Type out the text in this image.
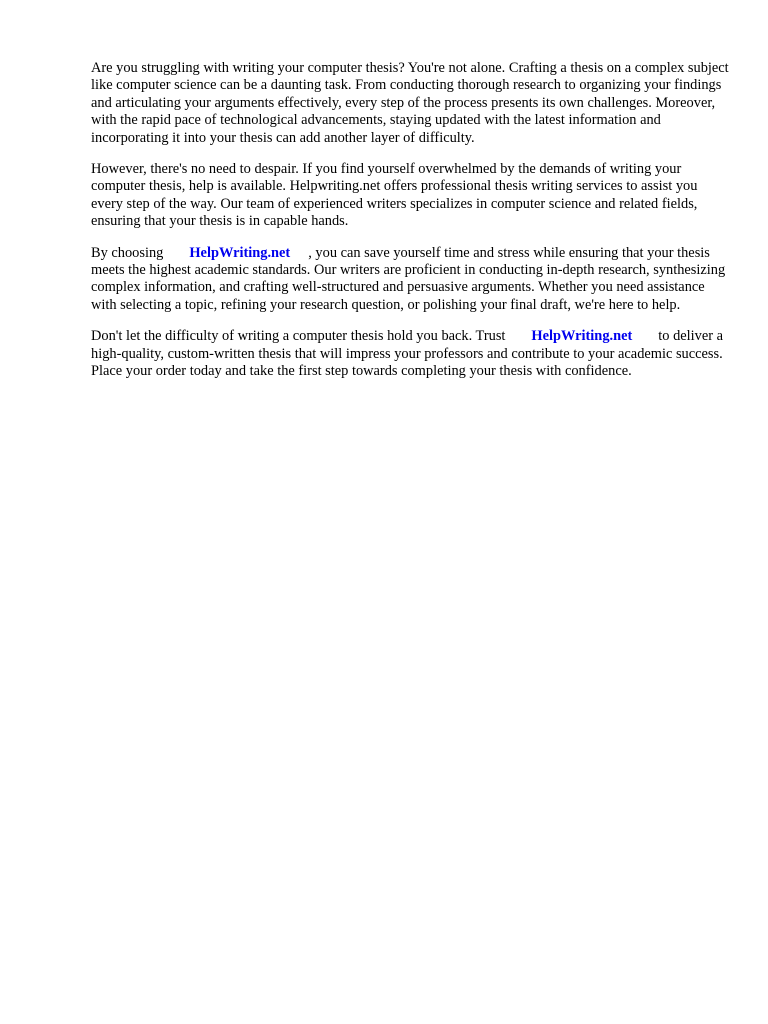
Are you struggling with writing your computer thesis? You're not alone. Crafting a thesis on a complex subject like computer science can be a daunting task. From conducting thorough research to organizing your findings and articulating your arguments effectively, every step of the process presents its own challenges. Moreover, with the rapid pace of technological advancements, staying updated with the latest information and incorporating it into your thesis can add another layer of difficulty.

However, there's no need to despair. If you find yourself overwhelmed by the demands of writing your computer thesis, help is available. Helpwriting.net offers professional thesis writing services to assist you every step of the way. Our team of experienced writers specializes in computer science and related fields, ensuring that your thesis is in capable hands.

By choosing HelpWriting.net , you can save yourself time and stress while ensuring that your thesis meets the highest academic standards. Our writers are proficient in conducting in-depth research, synthesizing complex information, and crafting well-structured and persuasive arguments. Whether you need assistance with selecting a topic, refining your research question, or polishing your final draft, we're here to help.

Don't let the difficulty of writing a computer thesis hold you back. Trust HelpWriting.net to deliver a high-quality, custom-written thesis that will impress your professors and contribute to your academic success. Place your order today and take the first step towards completing your thesis with confidence.
